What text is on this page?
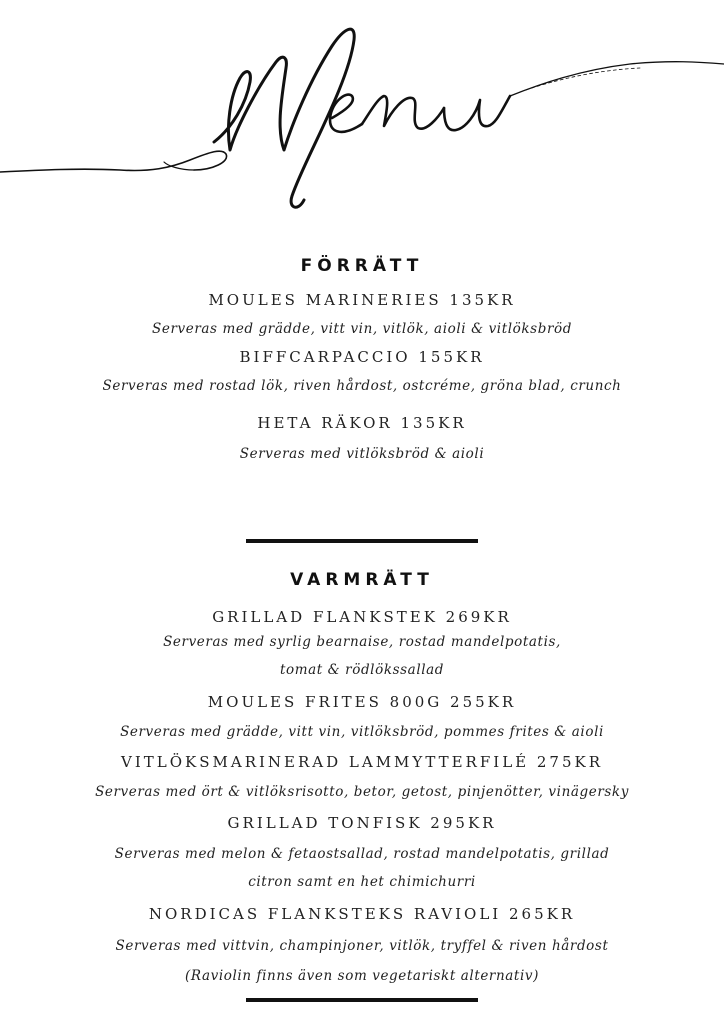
FÖRRÄTT
MOULES MARINERIES 135KR
Serveras med grädde, vitt vin, vitlök, aioli & vitlöksbröd
BIFFCARPACCIO 155KR
Serveras med rostad lök, riven hårdost, ostcréme, gröna blad, crunch
HETA RÄKOR 135KR
Serveras med vitlöksbröd & aioli
VARMRÄTT
GRILLAD FLANKSTEK 269KR
Serveras med syrlig bearnaise, rostad mandelpotatis,
tomat & rödlökssallad
MOULES FRITES 800G 255KR
Serveras med grädde, vitt vin, vitlöksbröd, pommes frites & aioli
VITLÖKSMARINERAD LAMMYTTERFILÉ 275KR
Serveras med ört & vitlöksrisotto, betor, getost, pinjenötter, vinägersky
GRILLAD TONFISK 295KR
Serveras med melon & fetaostsallad, rostad mandelpotatis, grillad
citron samt en het chimichurri
NORDICAS FLANKSTEKS RAVIOLI 265KR
Serveras med vittvin, champinjoner, vitlök, tryffel & riven hårdost
(Raviolin finns även som vegetariskt alternativ)
